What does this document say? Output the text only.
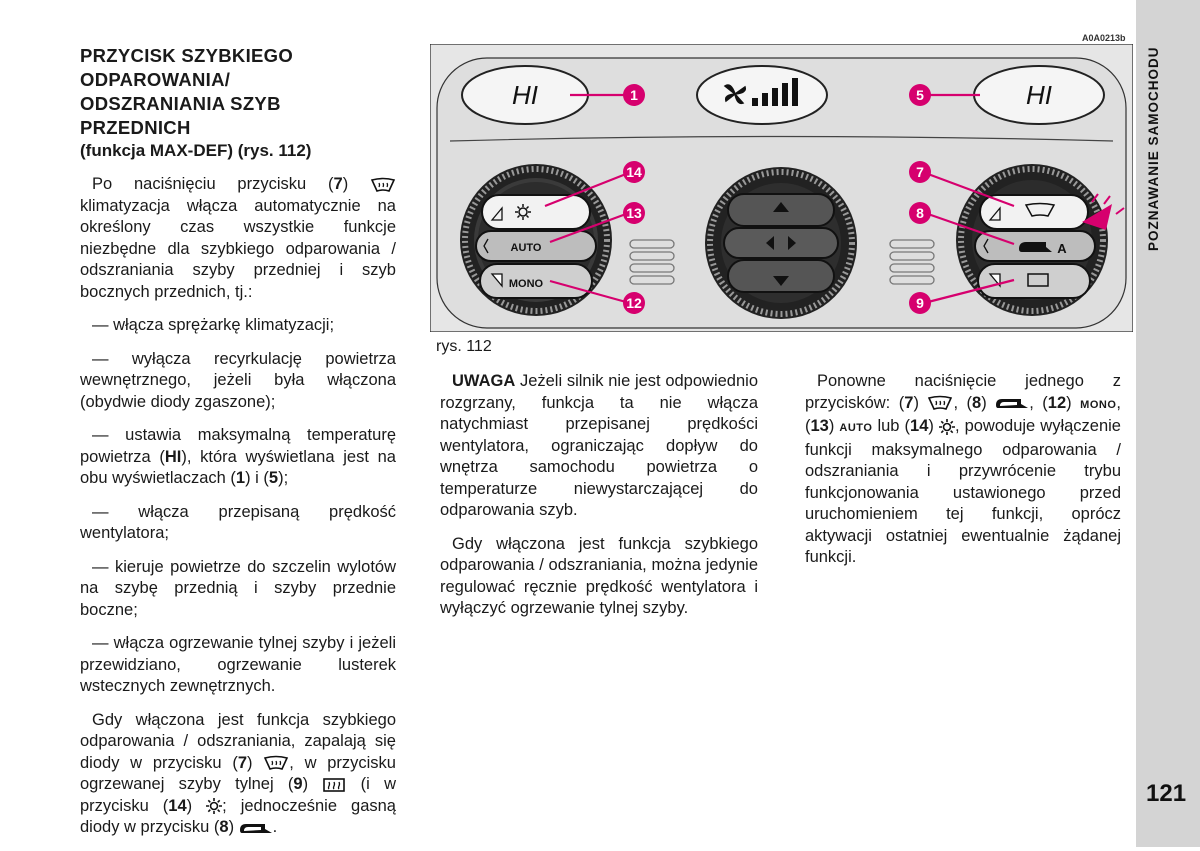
PRZYCISK SZYBKIEGO
ODPAROWANIA/
ODSZRANIANIA SZYB
PRZEDNICH
(funkcja MAX-DEF) (rys. 112)

Po naciśnięciu przycisku (7)  klimatyzacja włącza automatycznie na określony czas wszystkie funkcje niezbędne dla szybkiego odparowania / odszraniania szyby przedniej i szyb bocznych przednich, tj.:

— włącza sprężarkę klimatyzacji;

— wyłącza recyrkulację powietrza wewnętrznego, jeżeli była włączona (obydwie diody zgaszone);

— ustawia maksymalną temperaturę powietrza (HI), która wyświetlana jest na obu wyświetlaczach (1) i (5);

— włącza przepisaną prędkość wentylatora;

— kieruje powietrze do szczelin wylotów na szybę przednią i szyby przednie boczne;

— włącza ogrzewanie tylnej szyby i jeżeli przewidziano, ogrzewanie lusterek wstecznych zewnętrznych.

Gdy włączona jest funkcja szybkiego odparowania / odszraniania, zapalają się diody w przycisku (7) , w przycisku ogrzewanej szyby tylnej (9)  (i w przycisku (14) ; jednocześnie gasną diody w przycisku (8) .

A0A0213b
HI	HI
AUTO
MONO
A
1	5
14
13
12
7
8
9
rys. 112

UWAGA Jeżeli silnik nie jest odpowiednio rozgrzany, funkcja ta nie włącza natychmiast przepisanej prędkości wentylatora, ograniczając dopływ do wnętrza samochodu powietrza o temperaturze niewystarczającej do odparowania szyb.

Gdy włączona jest funkcja szybkiego odparowania / odszraniania, można jedynie regulować ręcznie prędkość wentylatora i wyłączyć ogrzewanie tylnej szyby.

Ponowne naciśnięcie jednego z przycisków: (7) , (8) , (12) MONO, (13) AUTO lub (14) , powoduje wyłączenie funkcji maksymalnego odparowania / odszraniania i przywrócenie trybu funkcjonowania ustawionego przed uruchomieniem tej funkcji, oprócz aktywacji ostatniej ewentualnie żądanej funkcji.

POZNAWANIE SAMOCHODU
121
